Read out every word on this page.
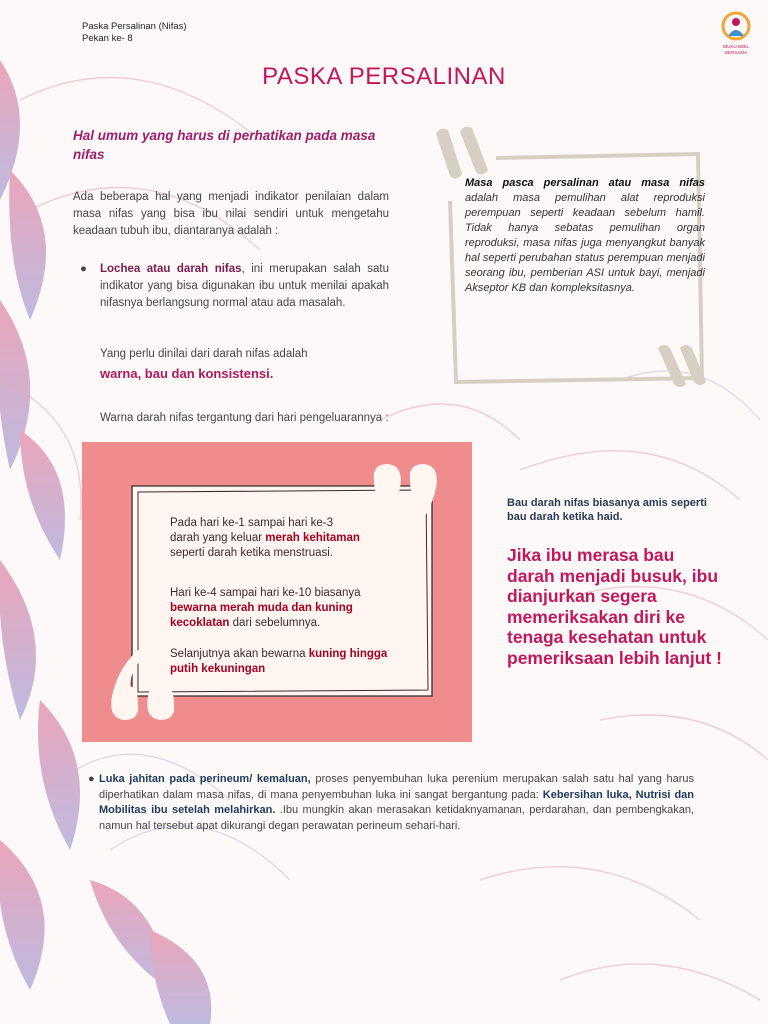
Paska Persalinan (Nifas)
Pekan ke- 8
IBUKU BIBIL
BERSAMA
PASKA PERSALINAN
Hal umum yang harus di perhatikan pada masa nifas
Ada beberapa hal yang menjadi indikator penilaian dalam masa nifas yang bisa ibu nilai sendiri untuk mengetahu keadaan tubuh ibu, diantaranya adalah :
● Lochea atau darah nifas, ini merupakan salah satu indikator yang bisa digunakan ibu untuk menilai apakah nifasnya berlangsung normal atau ada masalah.
Yang perlu dinilai dari darah nifas adalah
warna, bau dan konsistensi.
Warna darah nifas tergantung dari hari pengeluarannya :
Masa pasca persalinan atau masa nifas adalah masa pemulihan alat reproduksi perempuan seperti keadaan sebelum hamil. Tidak hanya sebatas pemulihan organ reproduksi, masa nifas juga menyangkut banyak hal seperti perubahan status perempuan menjadi seorang ibu, pemberian ASI untuk bayi, menjadi Akseptor KB dan kompleksitasnya.
Pada hari ke-1 sampai hari ke-3
darah yang keluar merah kehitaman
seperti darah ketika menstruasi.
Hari ke-4 sampai hari ke-10 biasanya bewarna merah muda dan kuning kecoklatan dari sebelumnya.
Selanjutnya akan bewarna kuning hingga putih kekuningan
Bau darah nifas biasanya amis seperti bau darah ketika haid.
Jika ibu merasa bau darah menjadi busuk, ibu dianjurkan segera memeriksakan diri ke tenaga kesehatan untuk pemeriksaan lebih lanjut !
● Luka jahitan pada perineum/ kemaluan, proses penyembuhan luka perenium merupakan salah satu hal yang harus diperhatikan dalam masa nifas, di mana penyembuhan luka ini sangat bergantung pada: Kebersihan luka, Nutrisi dan Mobilitas ibu setelah melahirkan. .Ibu mungkin akan merasakan ketidaknyamanan, perdarahan, dan pembengkakan, namun hal tersebut apat dikurangi degan perawatan perineum sehari-hari.
